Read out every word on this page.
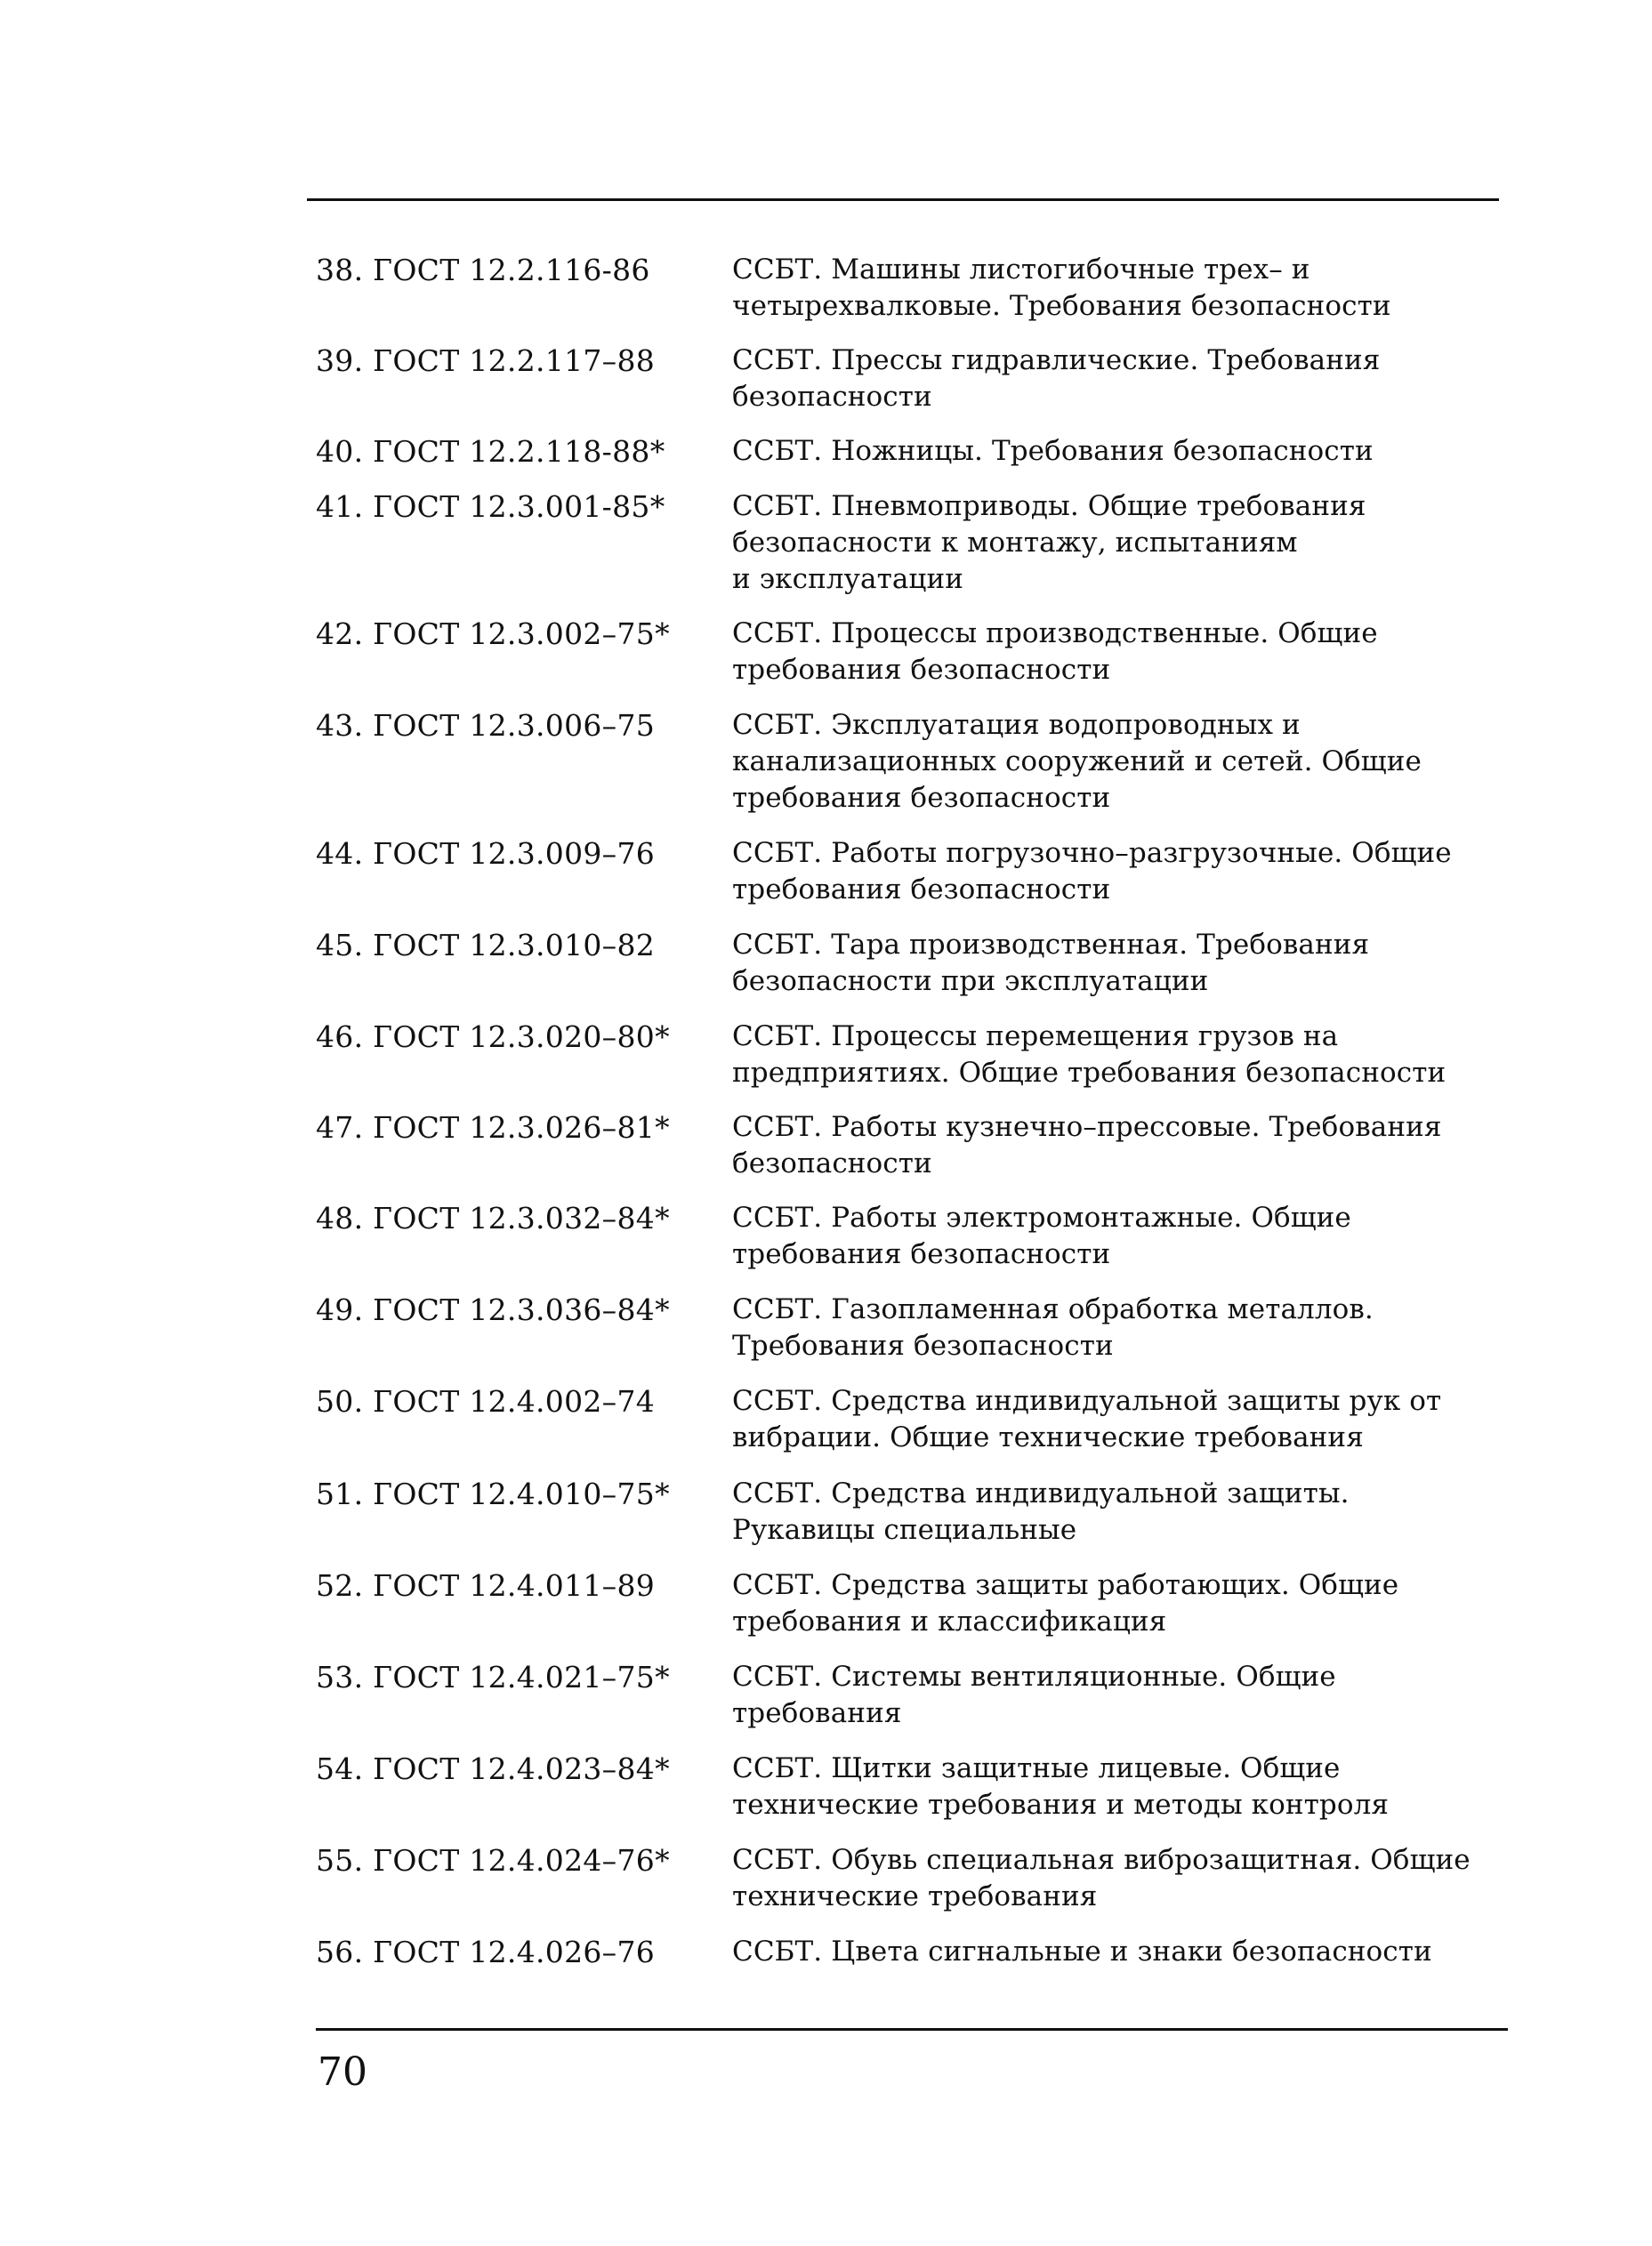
38. ГОСТ 12.2.116-86	ССБТ. Машины листогибочные трех– и
четырехвалковые. Требования безопасности
39. ГОСТ 12.2.117–88	ССБТ. Прессы гидравлические. Требования
безопасности
40. ГОСТ 12.2.118-88* ССБТ. Ножницы. Требования безопасности
41. ГОСТ 12.3.001-85* ССБТ. Пневмоприводы. Общие требования
безопасности к монтажу, испытаниям
и эксплуатации
42. ГОСТ 12.3.002–75* ССБТ. Процессы производственные. Общие
требования безопасности
43. ГОСТ 12.3.006–75	ССБТ. Эксплуатация водопроводных и
канализационных сооружений и сетей. Общие
требования безопасности
44. ГОСТ 12.3.009–76	ССБТ. Работы погрузочно–разгрузочные. Общие
требования безопасности
45. ГОСТ 12.3.010–82	ССБТ. Тара производственная. Требования
безопасности при эксплуатации
46. ГОСТ 12.3.020–80* ССБТ. Процессы перемещения грузов на
предприятиях. Общие требования безопасности
47. ГОСТ 12.3.026–81* ССБТ. Работы кузнечно–прессовые. Требования
безопасности
48. ГОСТ 12.3.032–84* ССБТ. Работы электромонтажные. Общие
требования безопасности
49. ГОСТ 12.3.036–84* ССБТ. Газопламенная обработка металлов.
Требования безопасности
50. ГОСТ 12.4.002–74	ССБТ. Средства индивидуальной защиты рук от
вибрации. Общие технические требования
51. ГОСТ 12.4.010–75* ССБТ. Средства индивидуальной защиты.
Рукавицы специальные
52. ГОСТ 12.4.011–89	ССБТ. Средства защиты работающих. Общие
требования и классификация
53. ГОСТ 12.4.021–75* ССБТ. Системы вентиляционные. Общие
требования
54. ГОСТ 12.4.023–84* ССБТ. Щитки защитные лицевые. Общие
технические требования и методы контроля
55. ГОСТ 12.4.024–76* ССБТ. Обувь специальная виброзащитная. Общие
технические требования
56. ГОСТ 12.4.026–76	ССБТ. Цвета сигнальные и знаки безопасности
70
